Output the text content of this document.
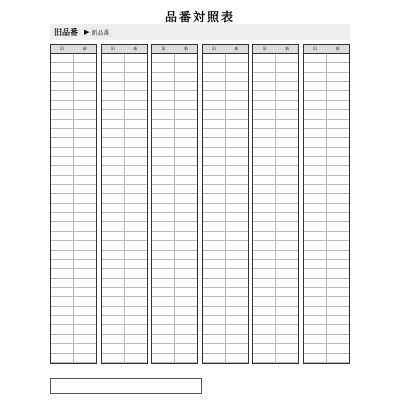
品番対照表
旧品番 ▶ 新品番
旧	新	旧	新	旧	新	旧	新	旧	新	旧	新
